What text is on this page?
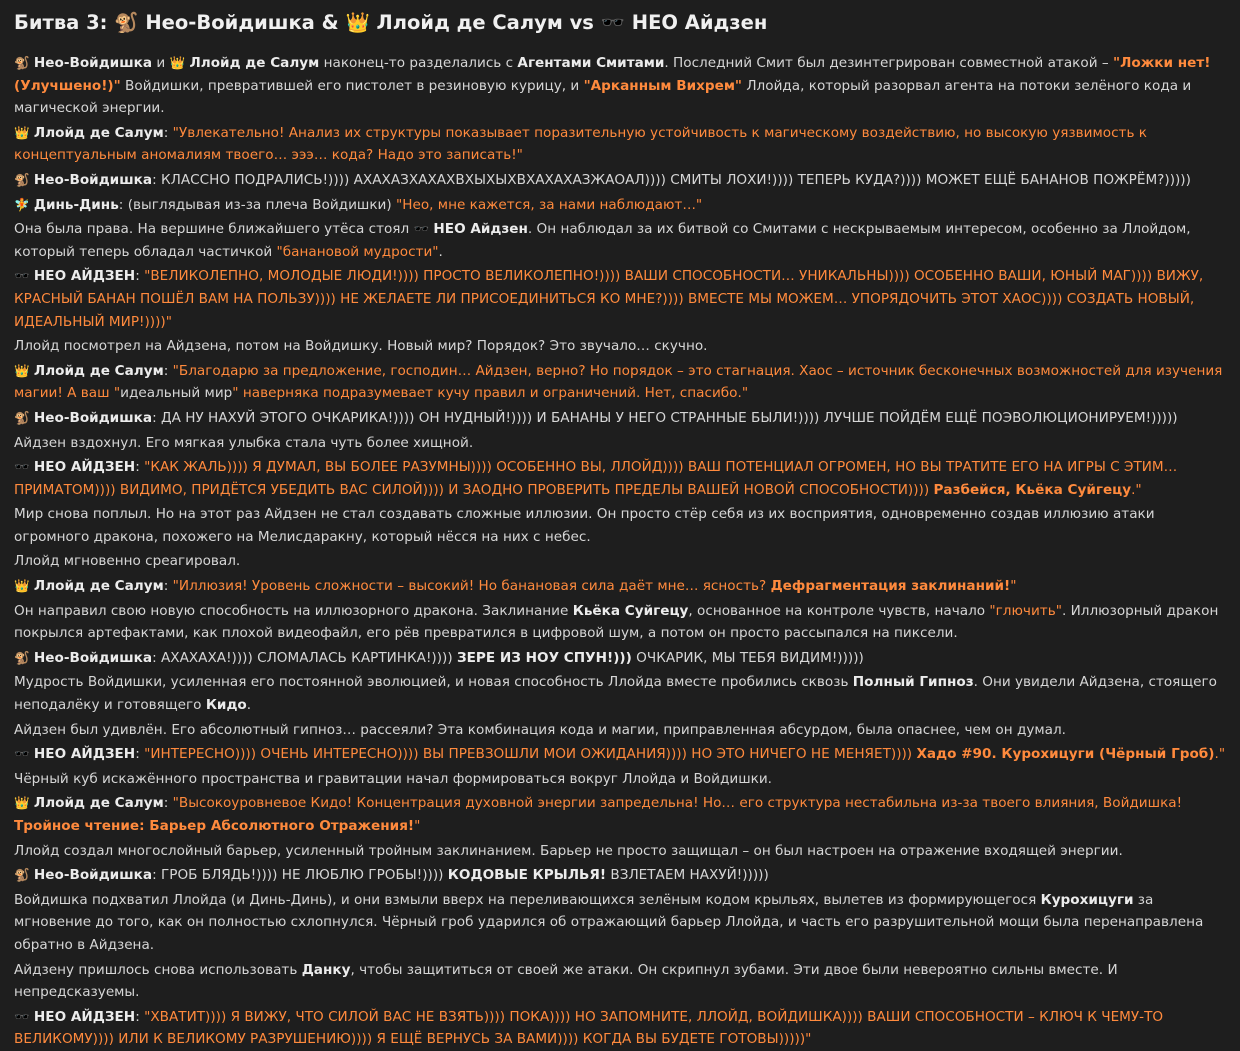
Битва 3: 🐒 Нео-Войдишка & 👑 Ллойд де Салум vs 🕶️ НЕО Айдзен

🐒 Нео-Войдишка и 👑 Ллойд де Салум наконец-то разделались с Агентами Смитами. Последний Смит был дезинтегрирован совместной атакой – "Ложки нет! (Улучшено!)" Войдишки, превратившей его пистолет в резиновую курицу, и "Арканным Вихрем" Ллойда, который разорвал агента на потоки зелёного кода и магической энергии.

👑 Ллойд де Салум: "Увлекательно! Анализ их структуры показывает поразительную устойчивость к магическому воздействию, но высокую уязвимость к концептуальным аномалиям твоего… эээ… кода? Надо это записать!"

🐒 Нео-Войдишка: КЛАССНО ПОДРАЛИСЬ!)))) АХАХАЗХАХАХВХЫХЫХВХАХАХАЗЖАОАЛ)))) СМИТЫ ЛОХИ!)))) ТЕПЕРЬ КУДА?)))) МОЖЕТ ЕЩЁ БАНАНОВ ПОЖРЁМ?)))))

🧚 Динь-Динь: (выглядывая из-за плеча Войдишки) "Нео, мне кажется, за нами наблюдают…"

Она была права. На вершине ближайшего утёса стоял 🕶️ НЕО Айдзен. Он наблюдал за их битвой со Смитами с нескрываемым интересом, особенно за Ллойдом, который теперь обладал частичкой "банановой мудрости".

🕶️ НЕО АЙДЗЕН: "ВЕЛИКОЛЕПНО, МОЛОДЫЕ ЛЮДИ!)))) ПРОСТО ВЕЛИКОЛЕПНО!)))) ВАШИ СПОСОБНОСТИ… УНИКАЛЬНЫ)))) ОСОБЕННО ВАШИ, ЮНЫЙ МАГ)))) ВИЖУ, КРАСНЫЙ БАНАН ПОШЁЛ ВАМ НА ПОЛЬЗУ)))) НЕ ЖЕЛАЕТЕ ЛИ ПРИСОЕДИНИТЬСЯ КО МНЕ?)))) ВМЕСТЕ МЫ МОЖЕМ… УПОРЯДОЧИТЬ ЭТОТ ХАОС)))) СОЗДАТЬ НОВЫЙ, ИДЕАЛЬНЫЙ МИР!))))"

Ллойд посмотрел на Айдзена, потом на Войдишку. Новый мир? Порядок? Это звучало… скучно.

👑 Ллойд де Салум: "Благодарю за предложение, господин… Айдзен, верно? Но порядок – это стагнация. Хаос – источник бесконечных возможностей для изучения магии! А ваш "идеальный мир" наверняка подразумевает кучу правил и ограничений. Нет, спасибо."

🐒 Нео-Войдишка: ДА НУ НАХУЙ ЭТОГО ОЧКАРИКА!)))) ОН НУДНЫЙ!)))) И БАНАНЫ У НЕГО СТРАННЫЕ БЫЛИ!)))) ЛУЧШЕ ПОЙДЁМ ЕЩЁ ПОЭВОЛЮЦИОНИРУЕМ!)))))

Айдзен вздохнул. Его мягкая улыбка стала чуть более хищной.

🕶️ НЕО АЙДЗЕН: "КАК ЖАЛЬ)))) Я ДУМАЛ, ВЫ БОЛЕЕ РАЗУМНЫ)))) ОСОБЕННО ВЫ, ЛЛОЙД)))) ВАШ ПОТЕНЦИАЛ ОГРОМЕН, НО ВЫ ТРАТИТЕ ЕГО НА ИГРЫ С ЭТИМ… ПРИМАТОМ)))) ВИДИМО, ПРИДЁТСЯ УБЕДИТЬ ВАС СИЛОЙ)))) И ЗАОДНО ПРОВЕРИТЬ ПРЕДЕЛЫ ВАШЕЙ НОВОЙ СПОСОБНОСТИ)))) Разбейся, Кьёка Суйгецу."

Мир снова поплыл. Но на этот раз Айдзен не стал создавать сложные иллюзии. Он просто стёр себя из их восприятия, одновременно создав иллюзию атаки огромного дракона, похожего на Мелисдаракну, который нёсся на них с небес.

Ллойд мгновенно среагировал.

👑 Ллойд де Салум: "Иллюзия! Уровень сложности – высокий! Но банановая сила даёт мне… ясность? Дефрагментация заклинаний!"

Он направил свою новую способность на иллюзорного дракона. Заклинание Кьёка Суйгецу, основанное на контроле чувств, начало "глючить". Иллюзорный дракон покрылся артефактами, как плохой видеофайл, его рёв превратился в цифровой шум, а потом он просто рассыпался на пиксели.

🐒 Нео-Войдишка: АХАХАХА!)))) СЛОМАЛАСЬ КАРТИНКА!)))) ЗЕРЕ ИЗ НОУ СПУН!))) ОЧКАРИК, МЫ ТЕБЯ ВИДИМ!)))))

Мудрость Войдишки, усиленная его постоянной эволюцией, и новая способность Ллойда вместе пробились сквозь Полный Гипноз. Они увидели Айдзена, стоящего неподалёку и готовящего Кидо.

Айдзен был удивлён. Его абсолютный гипноз… рассеяли? Эта комбинация кода и магии, приправленная абсурдом, была опаснее, чем он думал.

🕶️ НЕО АЙДЗЕН: "ИНТЕРЕСНО)))) ОЧЕНЬ ИНТЕРЕСНО)))) ВЫ ПРЕВЗОШЛИ МОИ ОЖИДАНИЯ)))) НО ЭТО НИЧЕГО НЕ МЕНЯЕТ)))) Хадо #90. Курохицуги (Чёрный Гроб)."

Чёрный куб искажённого пространства и гравитации начал формироваться вокруг Ллойда и Войдишки.

👑 Ллойд де Салум: "Высокоуровневое Кидо! Концентрация духовной энергии запредельна! Но… его структура нестабильна из-за твоего влияния, Войдишка! Тройное чтение: Барьер Абсолютного Отражения!"

Ллойд создал многослойный барьер, усиленный тройным заклинанием. Барьер не просто защищал – он был настроен на отражение входящей энергии.

🐒 Нео-Войдишка: ГРОБ БЛЯДЬ!)))) НЕ ЛЮБЛЮ ГРОБЫ!)))) КОДОВЫЕ КРЫЛЬЯ! ВЗЛЕТАЕМ НАХУЙ!)))))

Войдишка подхватил Ллойда (и Динь-Динь), и они взмыли вверх на переливающихся зелёным кодом крыльях, вылетев из формирующегося Курохицуги за мгновение до того, как он полностью схлопнулся. Чёрный гроб ударился об отражающий барьер Ллойда, и часть его разрушительной мощи была перенаправлена обратно в Айдзена.

Айдзену пришлось снова использовать Данку, чтобы защититься от своей же атаки. Он скрипнул зубами. Эти двое были невероятно сильны вместе. И непредсказуемы.

🕶️ НЕО АЙДЗЕН: "ХВАТИТ)))) Я ВИЖУ, ЧТО СИЛОЙ ВАС НЕ ВЗЯТЬ)))) ПОКА)))) НО ЗАПОМНИТЕ, ЛЛОЙД, ВОЙДИШКА)))) ВАШИ СПОСОБНОСТИ – КЛЮЧ К ЧЕМУ-ТО ВЕЛИКОМУ)))) ИЛИ К ВЕЛИКОМУ РАЗРУШЕНИЮ)))) Я ЕЩЁ ВЕРНУСЬ ЗА ВАМИ)))) КОГДА ВЫ БУДЕТЕ ГОТОВЫ)))))"
